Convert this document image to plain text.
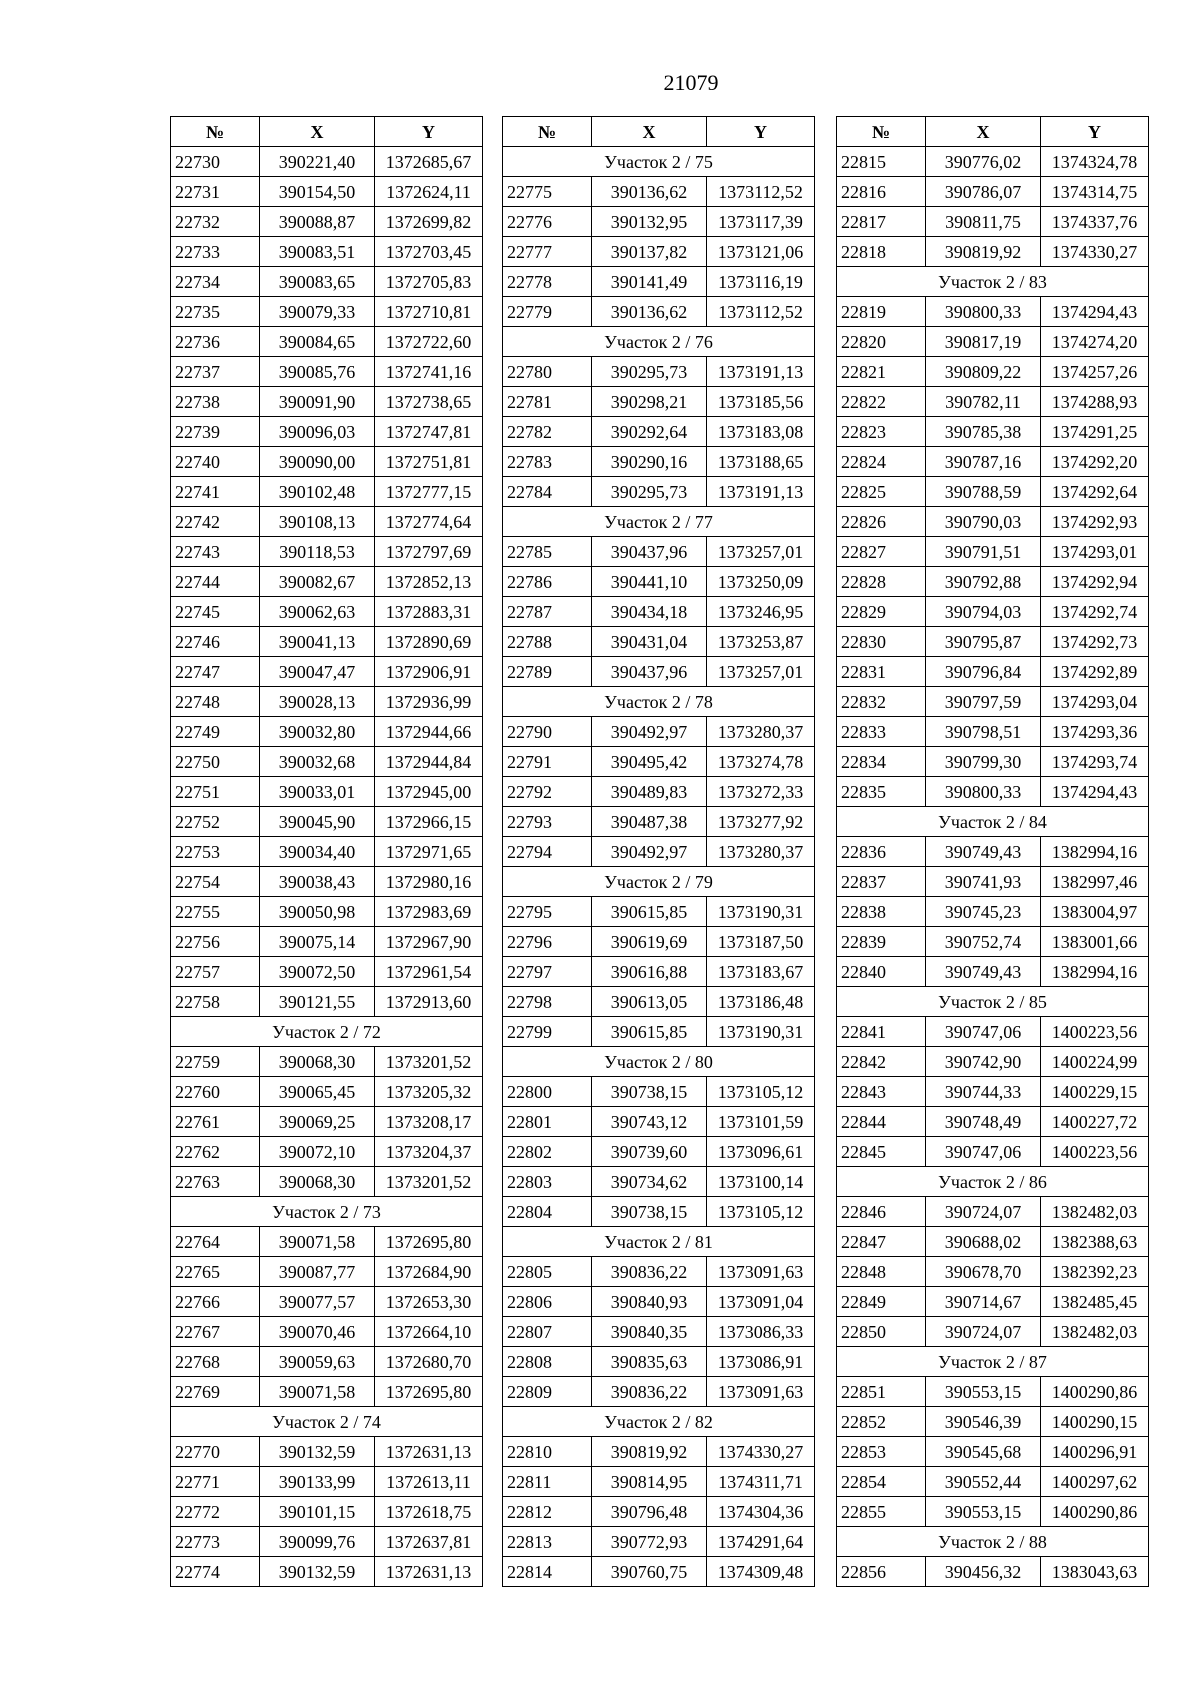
21079
№	X	Y
22730	390221,40	1372685,67
22731	390154,50	1372624,11
22732	390088,87	1372699,82
22733	390083,51	1372703,45
22734	390083,65	1372705,83
22735	390079,33	1372710,81
22736	390084,65	1372722,60
22737	390085,76	1372741,16
22738	390091,90	1372738,65
22739	390096,03	1372747,81
22740	390090,00	1372751,81
22741	390102,48	1372777,15
22742	390108,13	1372774,64
22743	390118,53	1372797,69
22744	390082,67	1372852,13
22745	390062,63	1372883,31
22746	390041,13	1372890,69
22747	390047,47	1372906,91
22748	390028,13	1372936,99
22749	390032,80	1372944,66
22750	390032,68	1372944,84
22751	390033,01	1372945,00
22752	390045,90	1372966,15
22753	390034,40	1372971,65
22754	390038,43	1372980,16
22755	390050,98	1372983,69
22756	390075,14	1372967,90
22757	390072,50	1372961,54
22758	390121,55	1372913,60
Участок 2 / 72		
22759	390068,30	1373201,52
22760	390065,45	1373205,32
22761	390069,25	1373208,17
22762	390072,10	1373204,37
22763	390068,30	1373201,52
Участок 2 / 73		
22764	390071,58	1372695,80
22765	390087,77	1372684,90
22766	390077,57	1372653,30
22767	390070,46	1372664,10
22768	390059,63	1372680,70
22769	390071,58	1372695,80
Участок 2 / 74		
22770	390132,59	1372631,13
22771	390133,99	1372613,11
22772	390101,15	1372618,75
22773	390099,76	1372637,81
22774	390132,59	1372631,13
№	X	Y
Участок 2 / 75		
22775	390136,62	1373112,52
22776	390132,95	1373117,39
22777	390137,82	1373121,06
22778	390141,49	1373116,19
22779	390136,62	1373112,52
Участок 2 / 76		
22780	390295,73	1373191,13
22781	390298,21	1373185,56
22782	390292,64	1373183,08
22783	390290,16	1373188,65
22784	390295,73	1373191,13
Участок 2 / 77		
22785	390437,96	1373257,01
22786	390441,10	1373250,09
22787	390434,18	1373246,95
22788	390431,04	1373253,87
22789	390437,96	1373257,01
Участок 2 / 78		
22790	390492,97	1373280,37
22791	390495,42	1373274,78
22792	390489,83	1373272,33
22793	390487,38	1373277,92
22794	390492,97	1373280,37
Участок 2 / 79		
22795	390615,85	1373190,31
22796	390619,69	1373187,50
22797	390616,88	1373183,67
22798	390613,05	1373186,48
22799	390615,85	1373190,31
Участок 2 / 80		
22800	390738,15	1373105,12
22801	390743,12	1373101,59
22802	390739,60	1373096,61
22803	390734,62	1373100,14
22804	390738,15	1373105,12
Участок 2 / 81		
22805	390836,22	1373091,63
22806	390840,93	1373091,04
22807	390840,35	1373086,33
22808	390835,63	1373086,91
22809	390836,22	1373091,63
Участок 2 / 82		
22810	390819,92	1374330,27
22811	390814,95	1374311,71
22812	390796,48	1374304,36
22813	390772,93	1374291,64
22814	390760,75	1374309,48
№	X	Y
22815	390776,02	1374324,78
22816	390786,07	1374314,75
22817	390811,75	1374337,76
22818	390819,92	1374330,27
Участок 2 / 83		
22819	390800,33	1374294,43
22820	390817,19	1374274,20
22821	390809,22	1374257,26
22822	390782,11	1374288,93
22823	390785,38	1374291,25
22824	390787,16	1374292,20
22825	390788,59	1374292,64
22826	390790,03	1374292,93
22827	390791,51	1374293,01
22828	390792,88	1374292,94
22829	390794,03	1374292,74
22830	390795,87	1374292,73
22831	390796,84	1374292,89
22832	390797,59	1374293,04
22833	390798,51	1374293,36
22834	390799,30	1374293,74
22835	390800,33	1374294,43
Участок 2 / 84		
22836	390749,43	1382994,16
22837	390741,93	1382997,46
22838	390745,23	1383004,97
22839	390752,74	1383001,66
22840	390749,43	1382994,16
Участок 2 / 85		
22841	390747,06	1400223,56
22842	390742,90	1400224,99
22843	390744,33	1400229,15
22844	390748,49	1400227,72
22845	390747,06	1400223,56
Участок 2 / 86		
22846	390724,07	1382482,03
22847	390688,02	1382388,63
22848	390678,70	1382392,23
22849	390714,67	1382485,45
22850	390724,07	1382482,03
Участок 2 / 87		
22851	390553,15	1400290,86
22852	390546,39	1400290,15
22853	390545,68	1400296,91
22854	390552,44	1400297,62
22855	390553,15	1400290,86
Участок 2 / 88		
22856	390456,32	1383043,63
